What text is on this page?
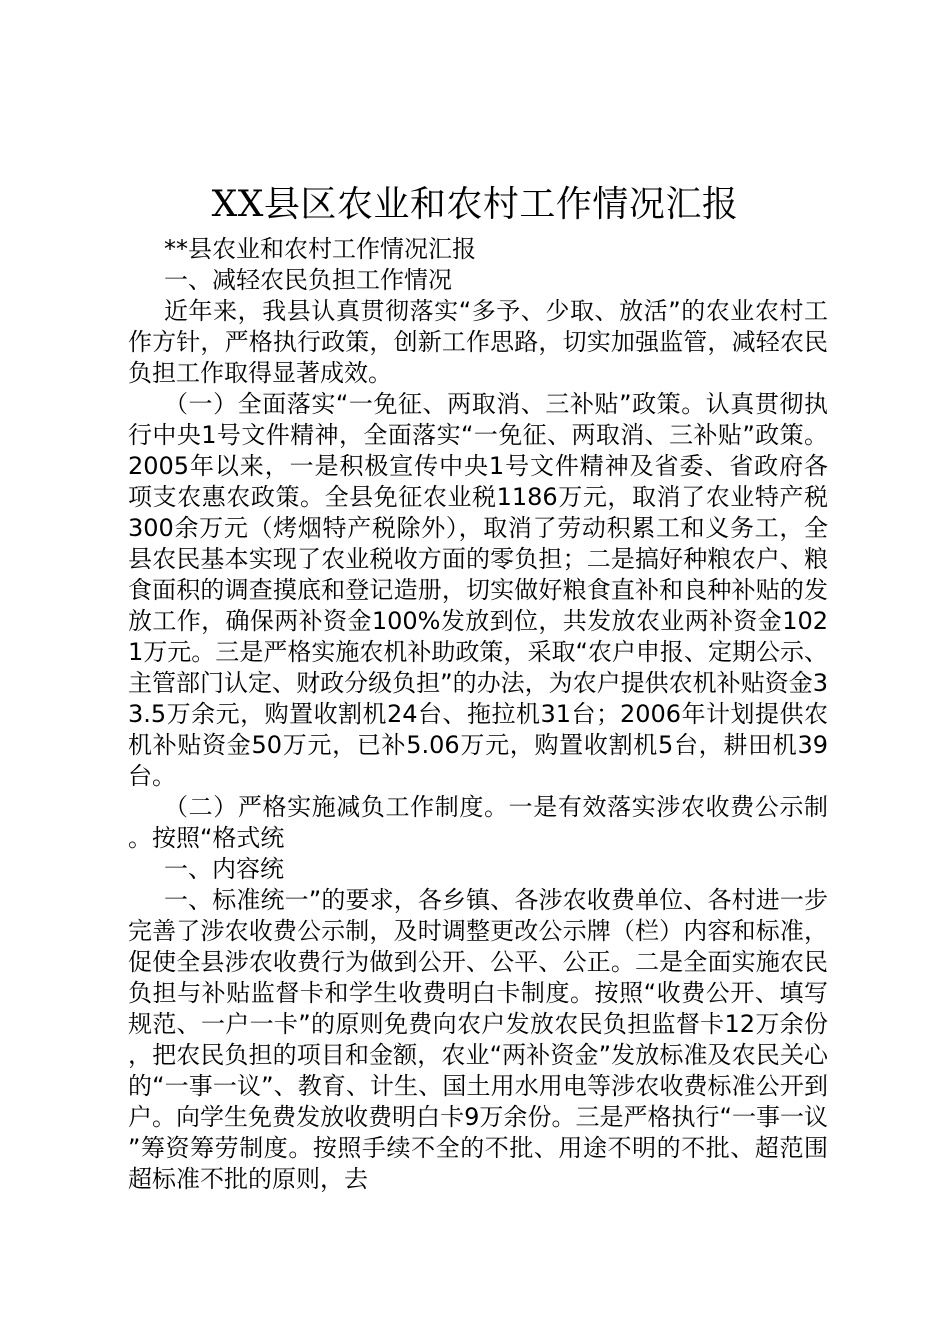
XX县区农业和农村工作情况汇报

**县农业和农村工作情况汇报

一、减轻农民负担工作情况

近年来，我县认真贯彻落实“多予、少取、放活”的农业农村工作方针，严格执行政策，创新工作思路，切实加强监管，减轻农民负担工作取得显著成效。

（一）全面落实“一免征、两取消、三补贴”政策。认真贯彻执行中央1号文件精神，全面落实“一免征、两取消、三补贴”政策。2005年以来，一是积极宣传中央1号文件精神及省委、省政府各项支农惠农政策。全县免征农业税1186万元，取消了农业特产税300余万元（烤烟特产税除外），取消了劳动积累工和义务工，全县农民基本实现了农业税收方面的零负担；二是搞好种粮农户、粮食面积的调查摸底和登记造册，切实做好粮食直补和良种补贴的发放工作，确保两补资金100%发放到位，共发放农业两补资金1021万元。三是严格实施农机补助政策，采取“农户申报、定期公示、主管部门认定、财政分级负担”的办法，为农户提供农机补贴资金33.5万余元，购置收割机24台、拖拉机31台；2006年计划提供农机补贴资金50万元，已补5.06万元，购置收割机5台，耕田机39台。

（二）严格实施减负工作制度。一是有效落实涉农收费公示制。按照“格式统

一、内容统

一、标准统一”的要求，各乡镇、各涉农收费单位、各村进一步完善了涉农收费公示制，及时调整更改公示牌（栏）内容和标准，促使全县涉农收费行为做到公开、公平、公正。二是全面实施农民负担与补贴监督卡和学生收费明白卡制度。按照“收费公开、填写规范、一户一卡”的原则免费向农户发放农民负担监督卡12万余份，把农民负担的项目和金额，农业“两补资金”发放标准及农民关心的“一事一议”、教育、计生、国土用水用电等涉农收费标准公开到户。向学生免费发放收费明白卡9万余份。三是严格执行“一事一议”筹资筹劳制度。按照手续不全的不批、用途不明的不批、超范围超标准不批的原则，去
